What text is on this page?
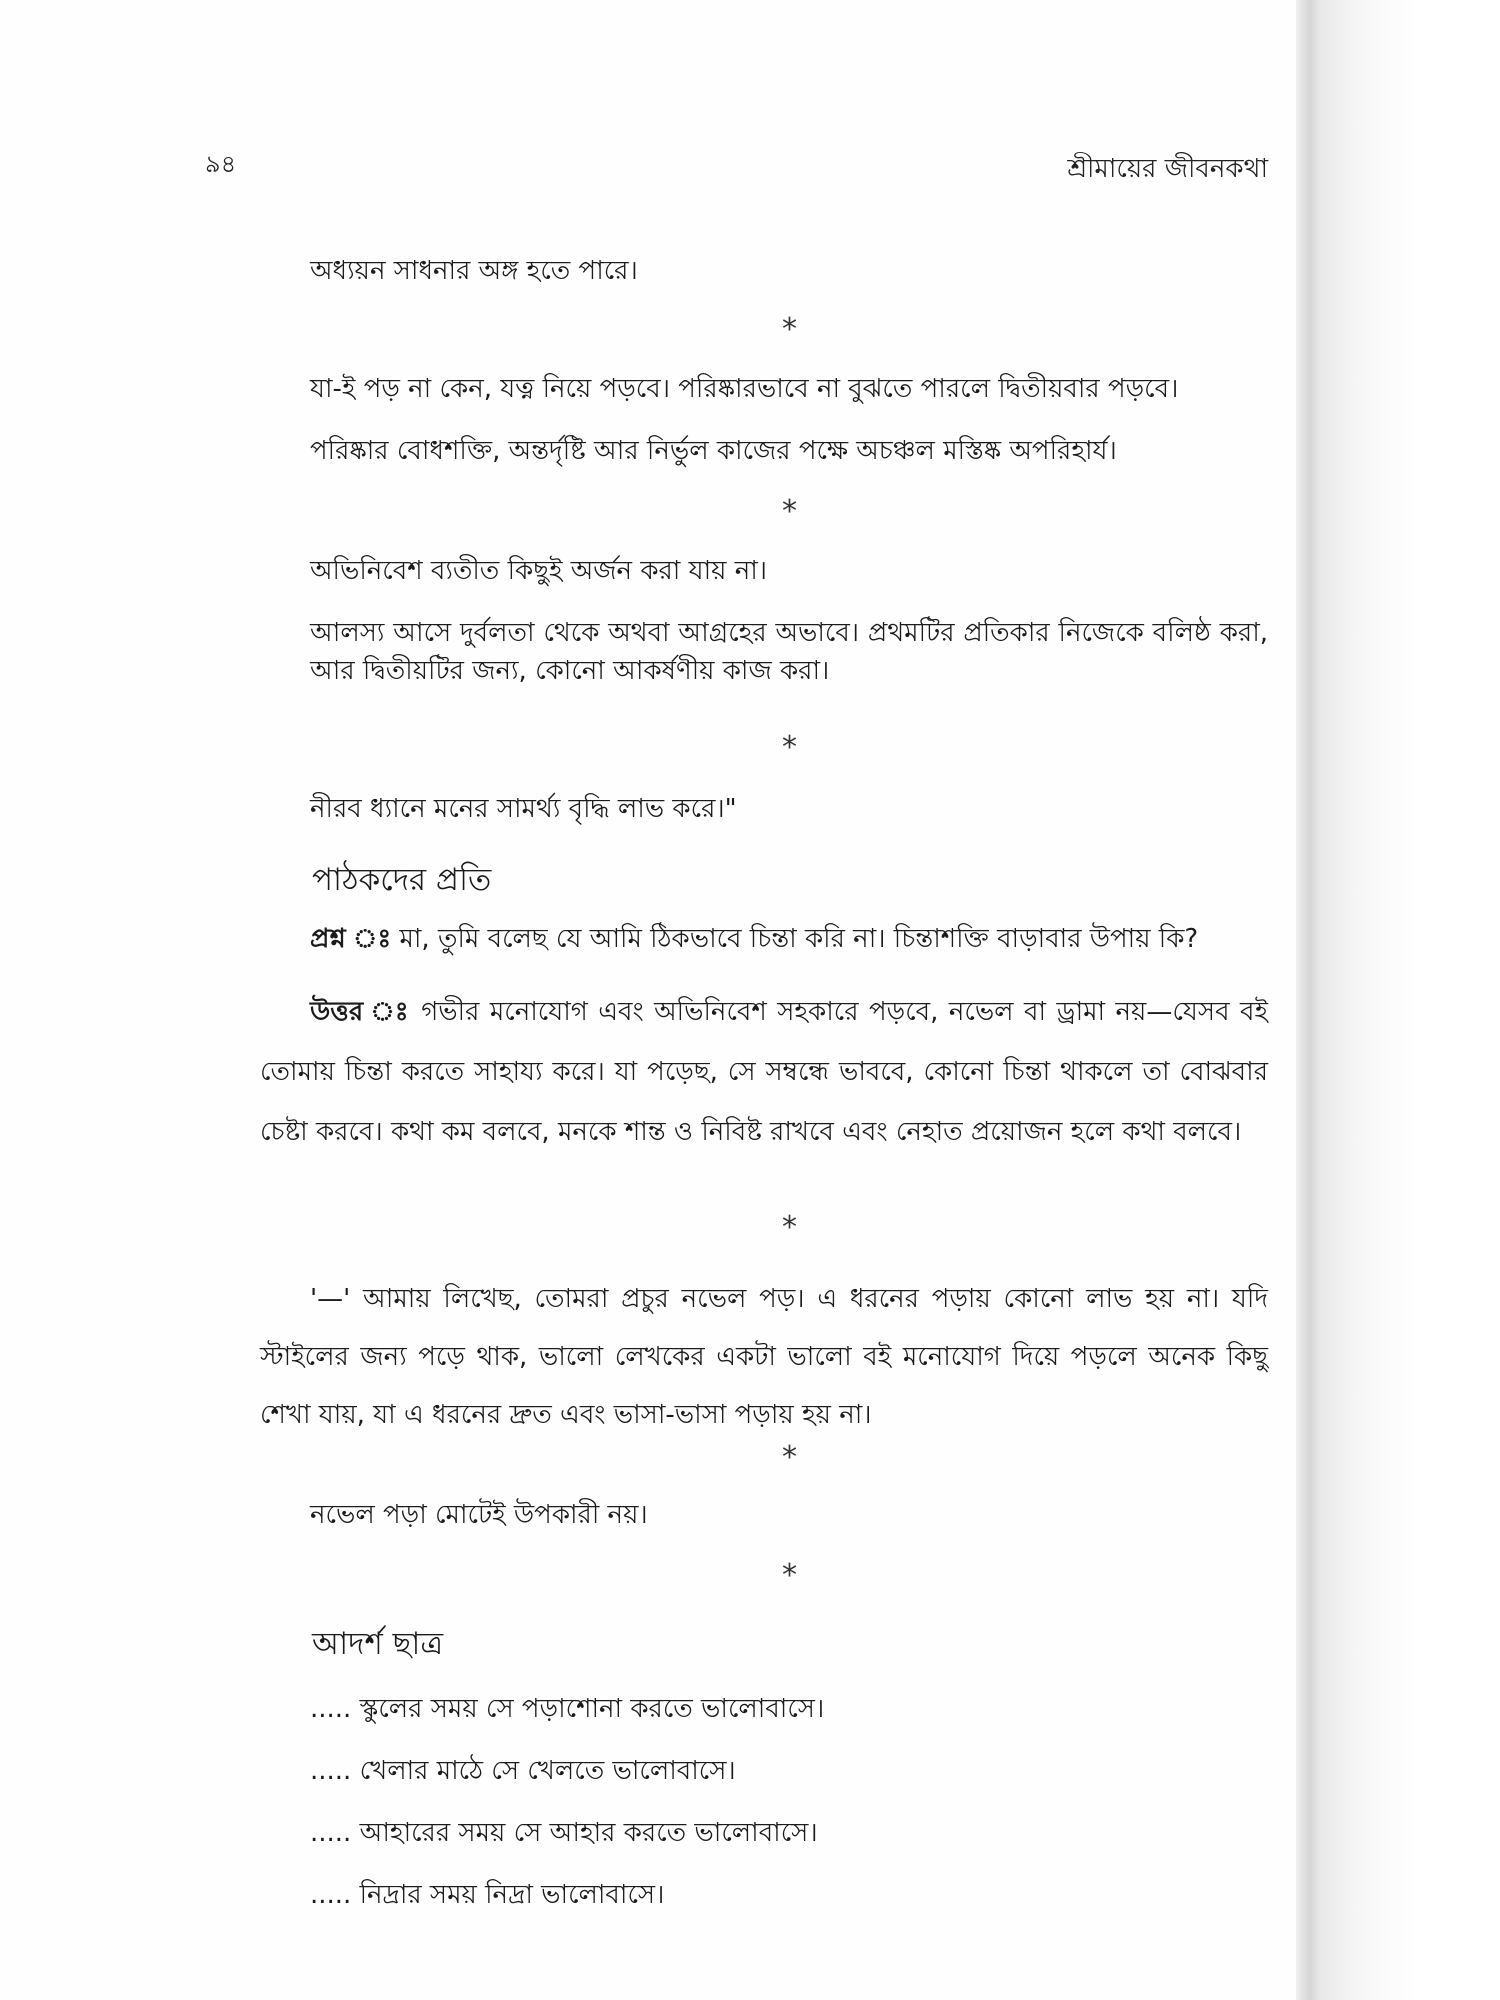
৯৪	শ্রীমায়ের জীবনকথা
অধ্যয়ন সাধনার অঙ্গ হতে পারে।
*
যা-ই পড় না কেন, যত্ন নিয়ে পড়বে। পরিষ্কারভাবে না বুঝতে পারলে দ্বিতীয়বার পড়বে।
পরিষ্কার বোধশক্তি, অন্তর্দৃষ্টি আর নির্ভুল কাজের পক্ষে অচঞ্চল মস্তিষ্ক অপরিহার্য।
*
অভিনিবেশ ব্যতীত কিছুই অর্জন করা যায় না।
আলস্য আসে দুর্বলতা থেকে অথবা আগ্রহের অভাবে। প্রথমটির প্রতিকার নিজেকে বলিষ্ঠ করা, আর দ্বিতীয়টির জন্য, কোনো আকর্ষণীয় কাজ করা।
*
নীরব ধ্যানে মনের সামর্থ্য বৃদ্ধি লাভ করে।"
পাঠকদের প্রতি
প্রশ্ন ঃ মা, তুমি বলেছ যে আমি ঠিকভাবে চিন্তা করি না। চিন্তাশক্তি বাড়াবার উপায় কি?
উত্তর ঃ গভীর মনোযোগ এবং অভিনিবেশ সহকারে পড়বে, নভেল বা ড্রামা নয়—যেসব বই তোমায় চিন্তা করতে সাহায্য করে। যা পড়েছ, সে সম্বন্ধে ভাববে, কোনো চিন্তা থাকলে তা বোঝবার চেষ্টা করবে। কথা কম বলবে, মনকে শান্ত ও নিবিষ্ট রাখবে এবং নেহাত প্রয়োজন হলে কথা বলবে।
*
'—' আমায় লিখেছ, তোমরা প্রচুর নভেল পড়। এ ধরনের পড়ায় কোনো লাভ হয় না। যদি স্টাইলের জন্য পড়ে থাক, ভালো লেখকের একটা ভালো বই মনোযোগ দিয়ে পড়লে অনেক কিছু শেখা যায়, যা এ ধরনের দ্রুত এবং ভাসা-ভাসা পড়ায় হয় না।
*
নভেল পড়া মোটেই উপকারী নয়।
*
আদর্শ ছাত্র
..... স্কুলের সময় সে পড়াশোনা করতে ভালোবাসে।
..... খেলার মাঠে সে খেলতে ভালোবাসে।
..... আহারের সময় সে আহার করতে ভালোবাসে।
..... নিদ্রার সময় নিদ্রা ভালোবাসে।
